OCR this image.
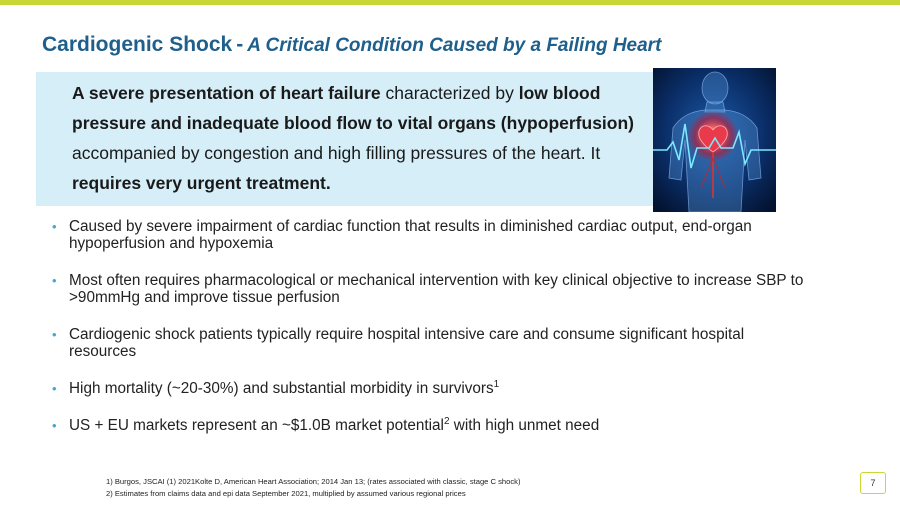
Cardiogenic Shock - A Critical Condition Caused by a Failing Heart
A severe presentation of heart failure characterized by low blood pressure and inadequate blood flow to vital organs (hypoperfusion) accompanied by congestion and high filling pressures of the heart. It requires very urgent treatment.
• Caused by severe impairment of cardiac function that results in diminished cardiac output, end-organ hypoperfusion and hypoxemia
• Most often requires pharmacological or mechanical intervention with key clinical objective to increase SBP to >90mmHg and improve tissue perfusion
• Cardiogenic shock patients typically require hospital intensive care and consume significant hospital resources
• High mortality (~20-30%) and substantial morbidity in survivors$^1$
• US + EU markets represent an ~$1.0B market potential$^2$ with high unmet need
1) Burgos, JSCAI (1) 2021Kolte D, American Heart Association; 2014 Jan 13; (rates associated with classic, stage C shock)
2) Estimates from claims data and epi data September 2021, multiplied by assumed various regional prices
7
